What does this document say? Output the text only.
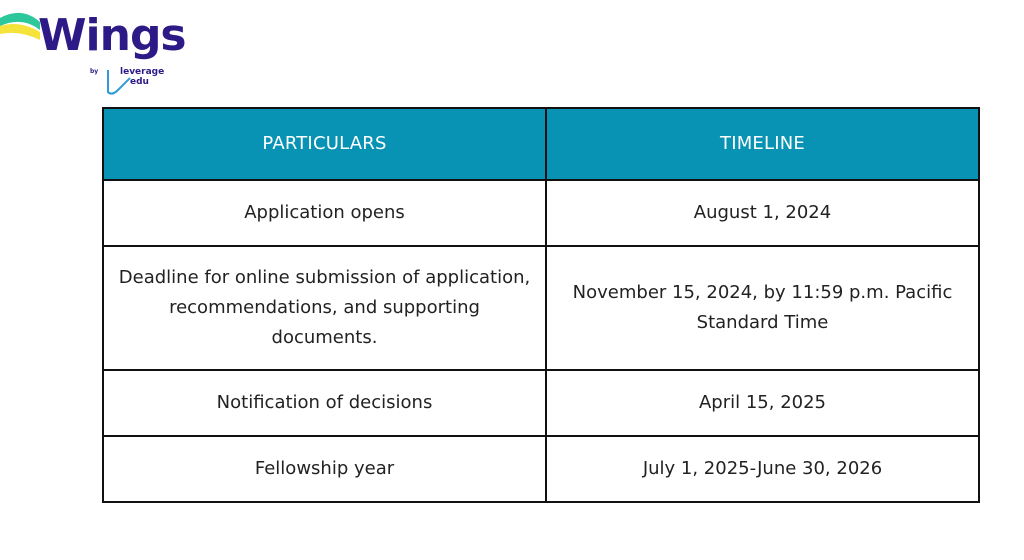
Wings
by leverage
edu
PARTICULARS	TIMELINE
Application opens	August 1, 2024
Deadline for online submission of application, recommendations, and supporting documents.	November 15, 2024, by 11:59 p.m. Pacific Standard Time
Notification of decisions	April 15, 2025
Fellowship year	July 1, 2025-June 30, 2026
